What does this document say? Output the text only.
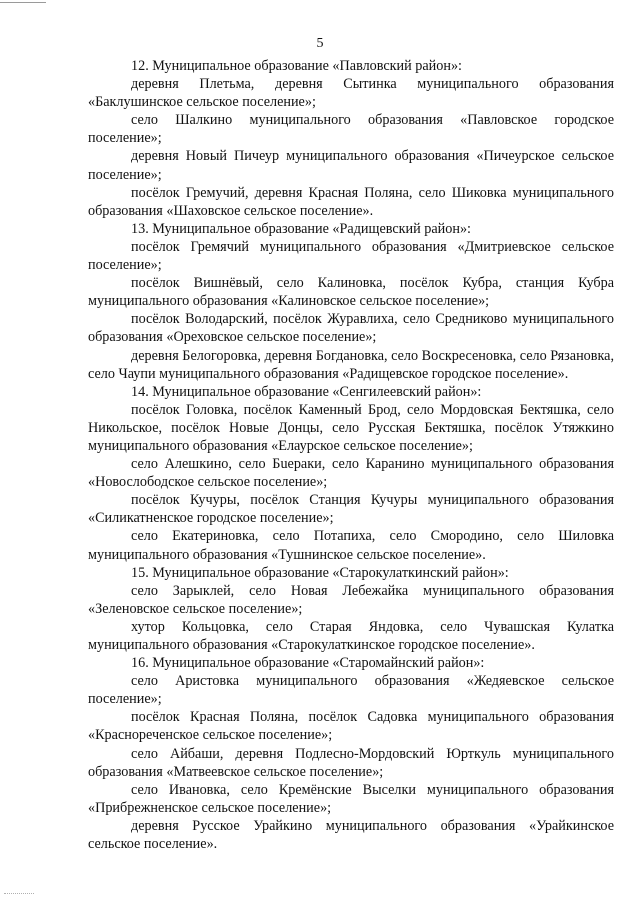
5

12. Муниципальное образование «Павловский район»:

деревня Плетьма, деревня Сытинка муниципального образования «Баклушинское сельское поселение»;

село Шалкино муниципального образования «Павловское городское поселение»;

деревня Новый Пичеур муниципального образования «Пичеурское сельское поселение»;

посёлок Гремучий, деревня Красная Поляна, село Шиковка муниципального образования «Шаховское сельское поселение».

13. Муниципальное образование «Радищевский район»:

посёлок Гремячий муниципального образования «Дмитриевское сельское поселение»;

посёлок Вишнёвый, село Калиновка, посёлок Кубра, станция Кубра муниципального образования «Калиновское сельское поселение»;

посёлок Володарский, посёлок Журавлиха, село Средниково муниципального образования «Ореховское сельское поселение»;

деревня Белогоровка, деревня Богдановка, село Воскресеновка, село Рязановка, село Чаупи муниципального образования «Радищевское городское поселение».

14. Муниципальное образование «Сенгилеевский район»:

посёлок Головка, посёлок Каменный Брод, село Мордовская Бектяшка, село Никольское, посёлок Новые Донцы, село Русская Бектяшка, посёлок Утяжкино муниципального образования «Елаурское сельское поселение»;

село Алешкино, село Бueраки, село Каранино муниципального образования «Новослободское сельское поселение»;

посёлок Кучуры, посёлок Станция Кучуры муниципального образования «Силикатненское городское поселение»;

село Екатериновка, село Потапиха, село Смородино, село Шиловка муниципального образования «Тушнинское сельское поселение».

15. Муниципальное образование «Старокулаткинский район»:

село Зарыклей, село Новая Лебежайка муниципального образования «Зеленовское сельское поселение»;

хутор Кольцовка, село Старая Яндовка, село Чувашская Кулатка муниципального образования «Старокулаткинское городское поселение».

16. Муниципальное образование «Старомайнский район»:

село Аристовка муниципального образования «Жедяевское сельское поселение»;

посёлок Красная Поляна, посёлок Садовка муниципального образования «Краснореченское сельское поселение»;

село Айбаши, деревня Подлесно-Мордовский Юрткуль муниципального образования «Матвеевское сельское поселение»;

село Ивановка, село Кремёнские Выселки муниципального образования «Прибрежненское сельское поселение»;

деревня Русское Урайкино муниципального образования «Урайкинское сельское поселение».
